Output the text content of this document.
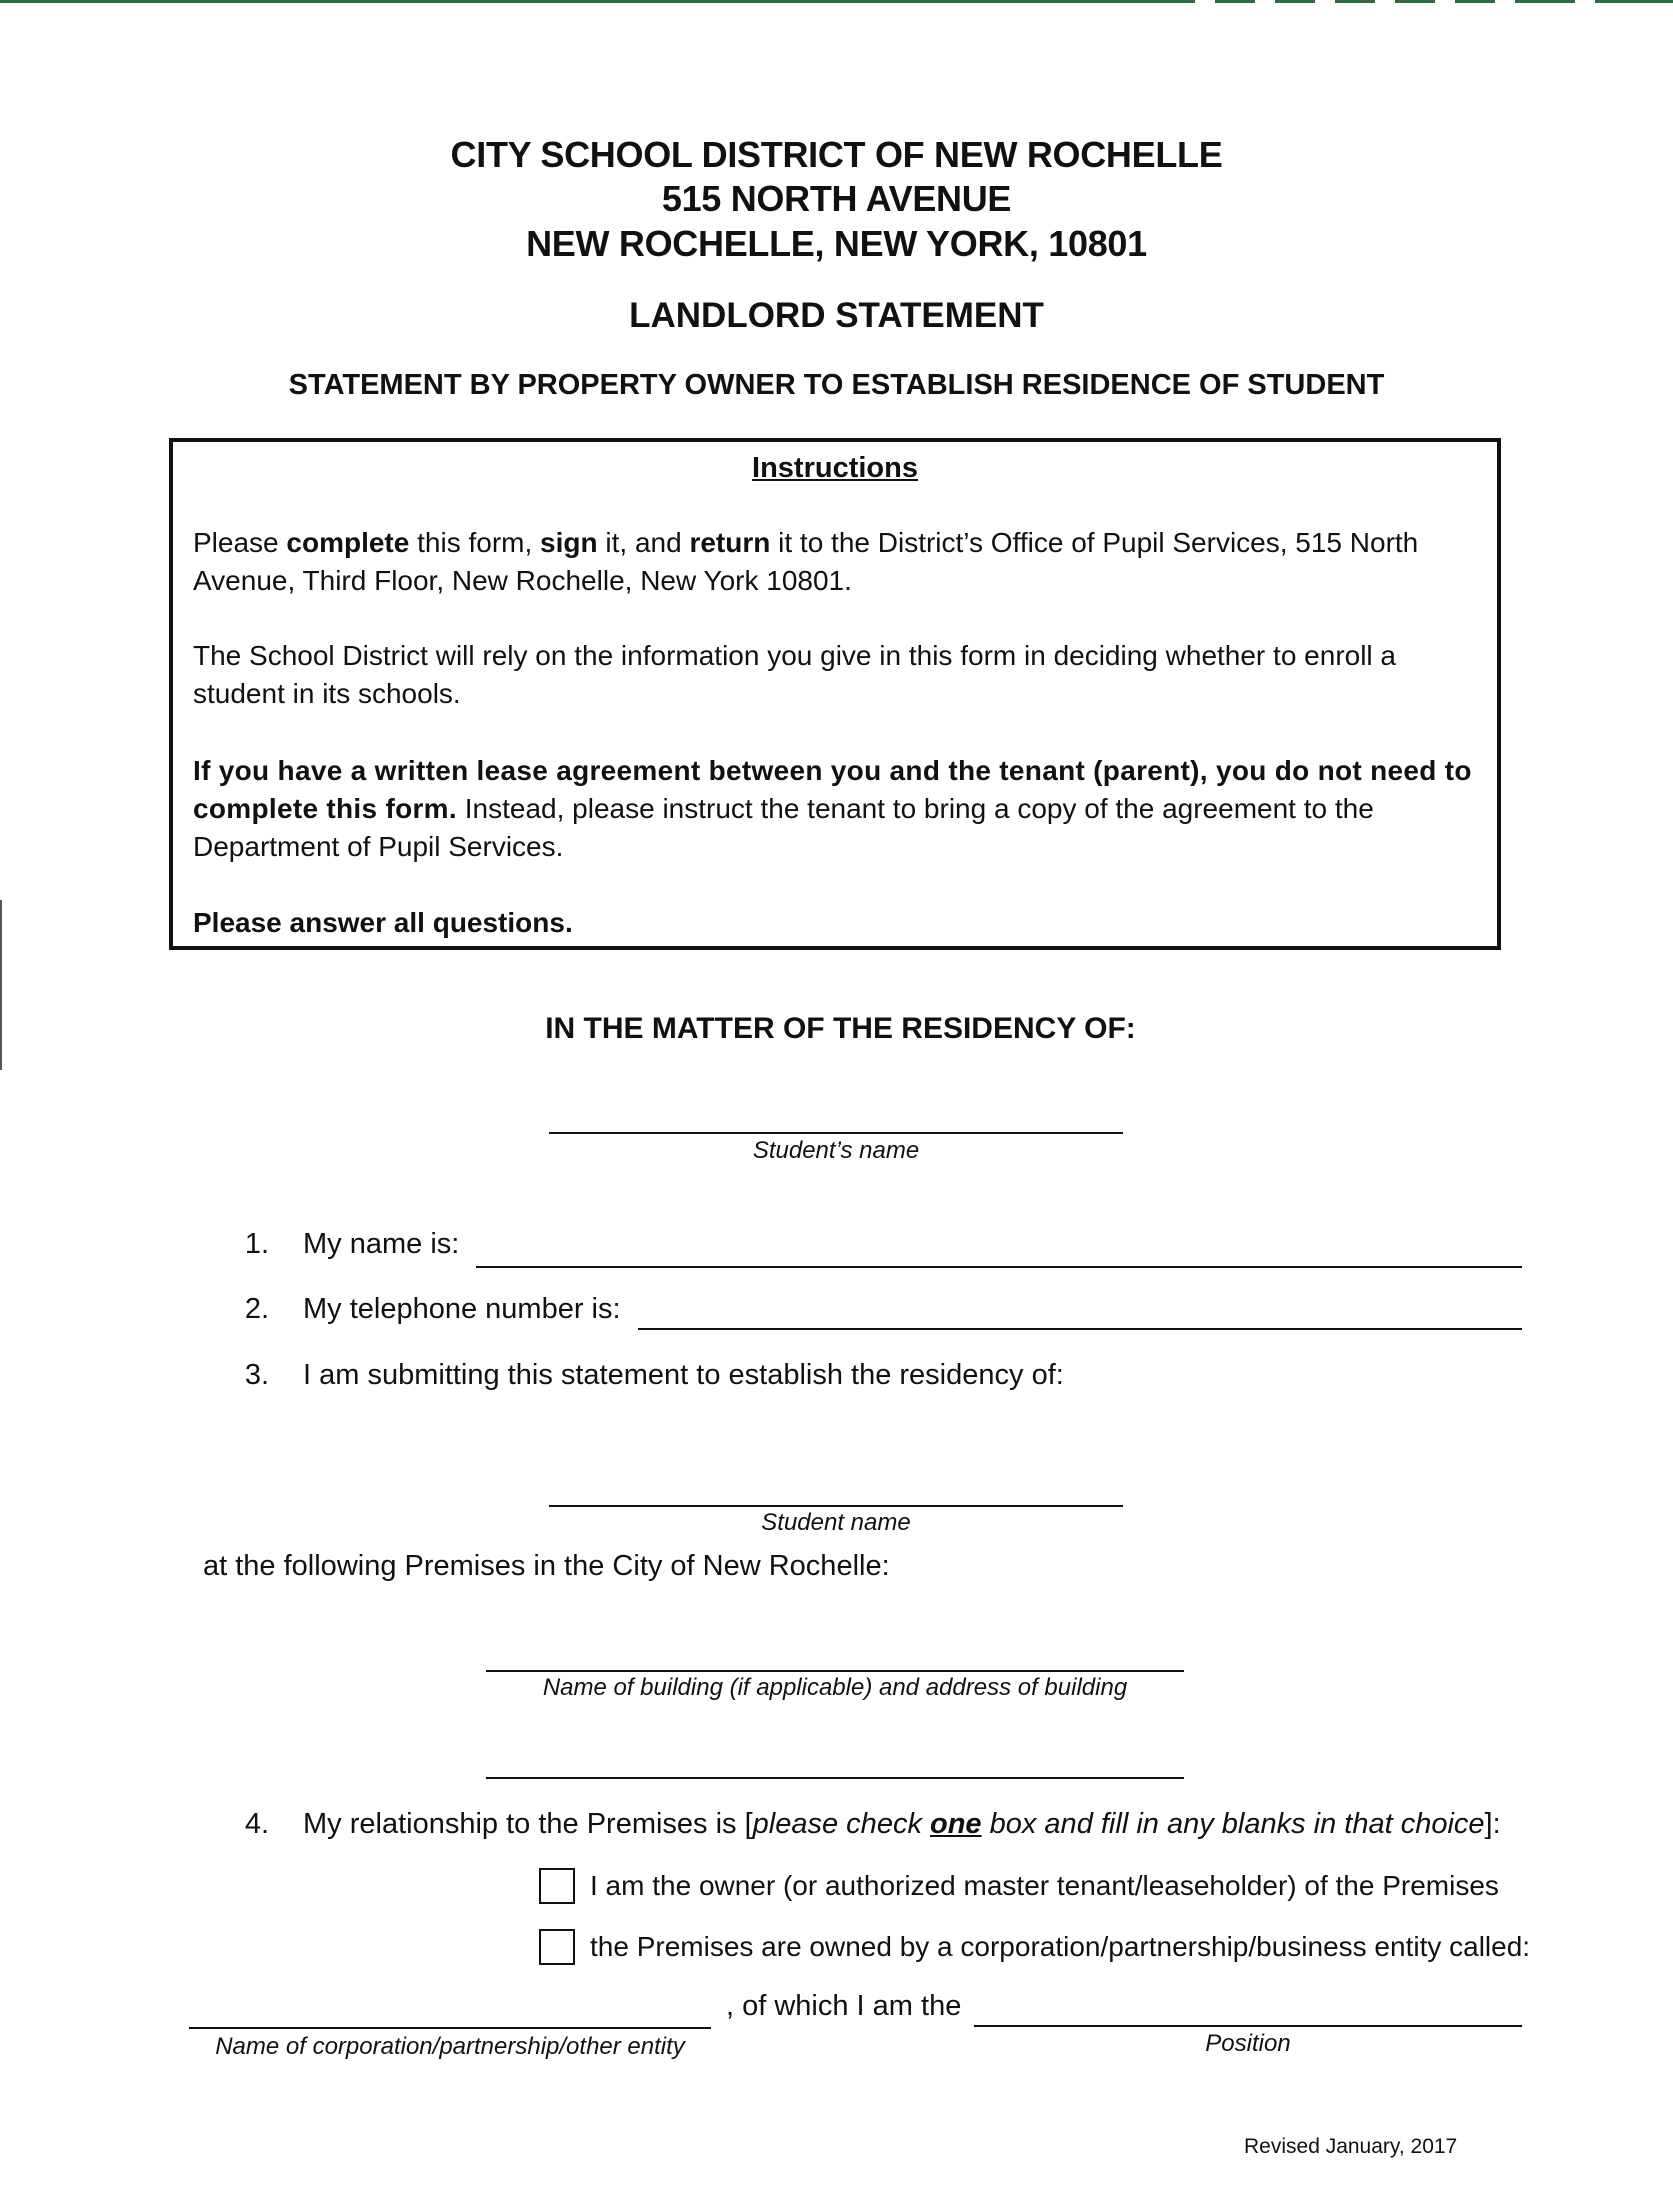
CITY SCHOOL DISTRICT OF NEW ROCHELLE
515 NORTH AVENUE
NEW ROCHELLE, NEW YORK, 10801
LANDLORD STATEMENT
STATEMENT BY PROPERTY OWNER TO ESTABLISH RESIDENCE OF STUDENT
Instructions
Please complete this form, sign it, and return it to the District’s Office of Pupil Services, 515 North Avenue, Third Floor, New Rochelle, New York 10801.
The School District will rely on the information you give in this form in deciding whether to enroll a student in its schools.
If you have a written lease agreement between you and the tenant (parent), you do not need to complete this form. Instead, please instruct the tenant to bring a copy of the agreement to the Department of Pupil Services.
Please answer all questions.
IN THE MATTER OF THE RESIDENCY OF:
Student’s name
1. My name is:
2. My telephone number is:
3. I am submitting this statement to establish the residency of:
Student name
at the following Premises in the City of New Rochelle:
Name of building (if applicable) and address of building
4. My relationship to the Premises is [please check one box and fill in any blanks in that choice]:
I am the owner (or authorized master tenant/leaseholder) of the Premises
the Premises are owned by a corporation/partnership/business entity called:
Name of corporation/partnership/other entity
, of which I am the
Position
Revised January, 2017
